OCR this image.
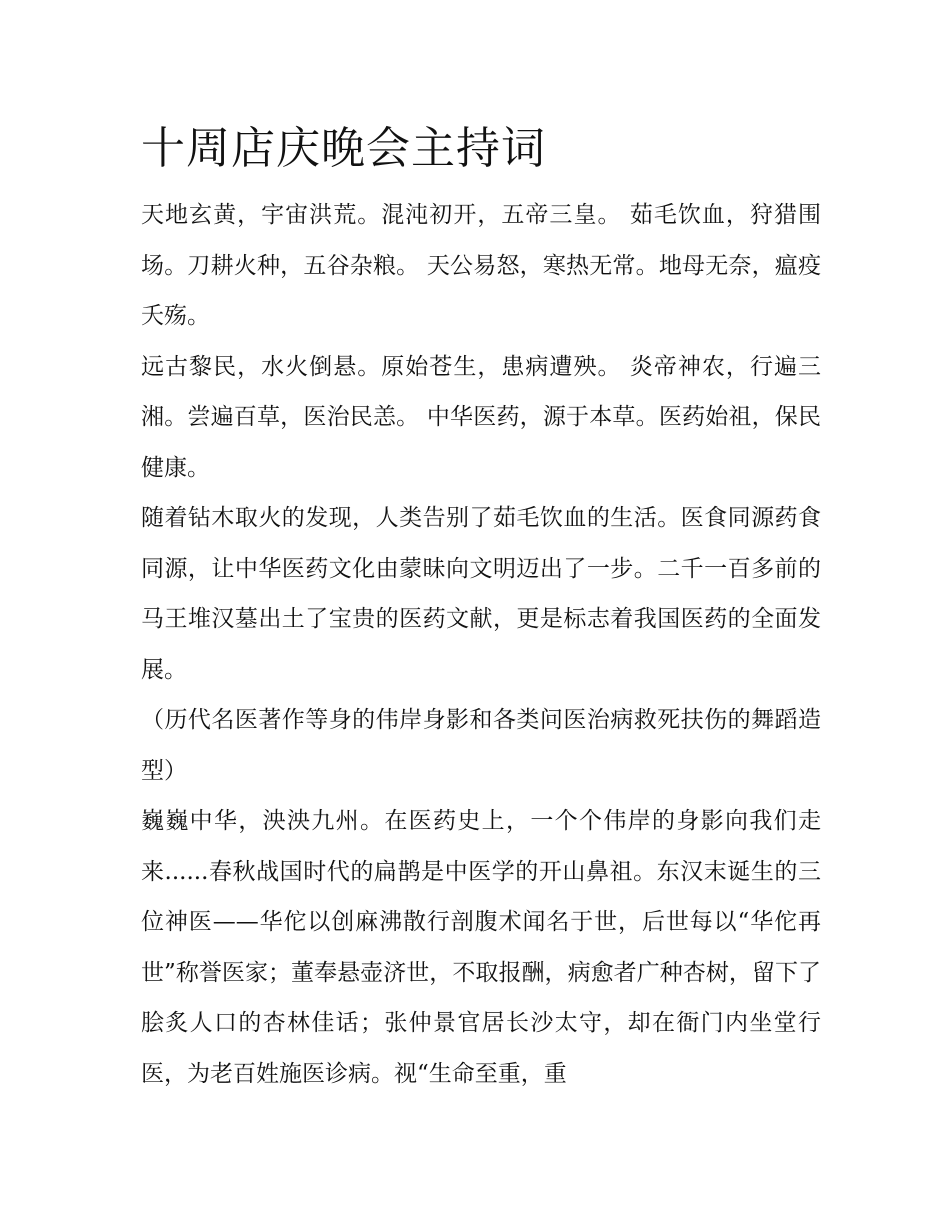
十周店庆晚会主持词

天地玄黄，宇宙洪荒。混沌初开，五帝三皇。 茹毛饮血，狩猎围场。刀耕火种，五谷杂粮。 天公易怒，寒热无常。地母无奈，瘟疫夭殇。

远古黎民，水火倒悬。原始苍生，患病遭殃。 炎帝神农，行遍三湘。尝遍百草，医治民恙。 中华医药，源于本草。医药始祖，保民健康。

随着钻木取火的发现，人类告别了茹毛饮血的生活。医食同源药食同源，让中华医药文化由蒙昧向文明迈出了一步。二千一百多前的马王堆汉墓出土了宝贵的医药文献，更是标志着我国医药的全面发展。

（历代名医著作等身的伟岸身影和各类问医治病救死扶伤的舞蹈造型）

巍巍中华，泱泱九州。在医药史上，一个个伟岸的身影向我们走来......春秋战国时代的扁鹊是中医学的开山鼻祖。东汉末诞生的三位神医——华佗以创麻沸散行剖腹术闻名于世，后世每以“华佗再世”称誉医家；董奉悬壶济世，不取报酬，病愈者广种杏树，留下了脍炙人口的杏林佳话；张仲景官居长沙太守，却在衙门内坐堂行医，为老百姓施医诊病。视“生命至重，重
